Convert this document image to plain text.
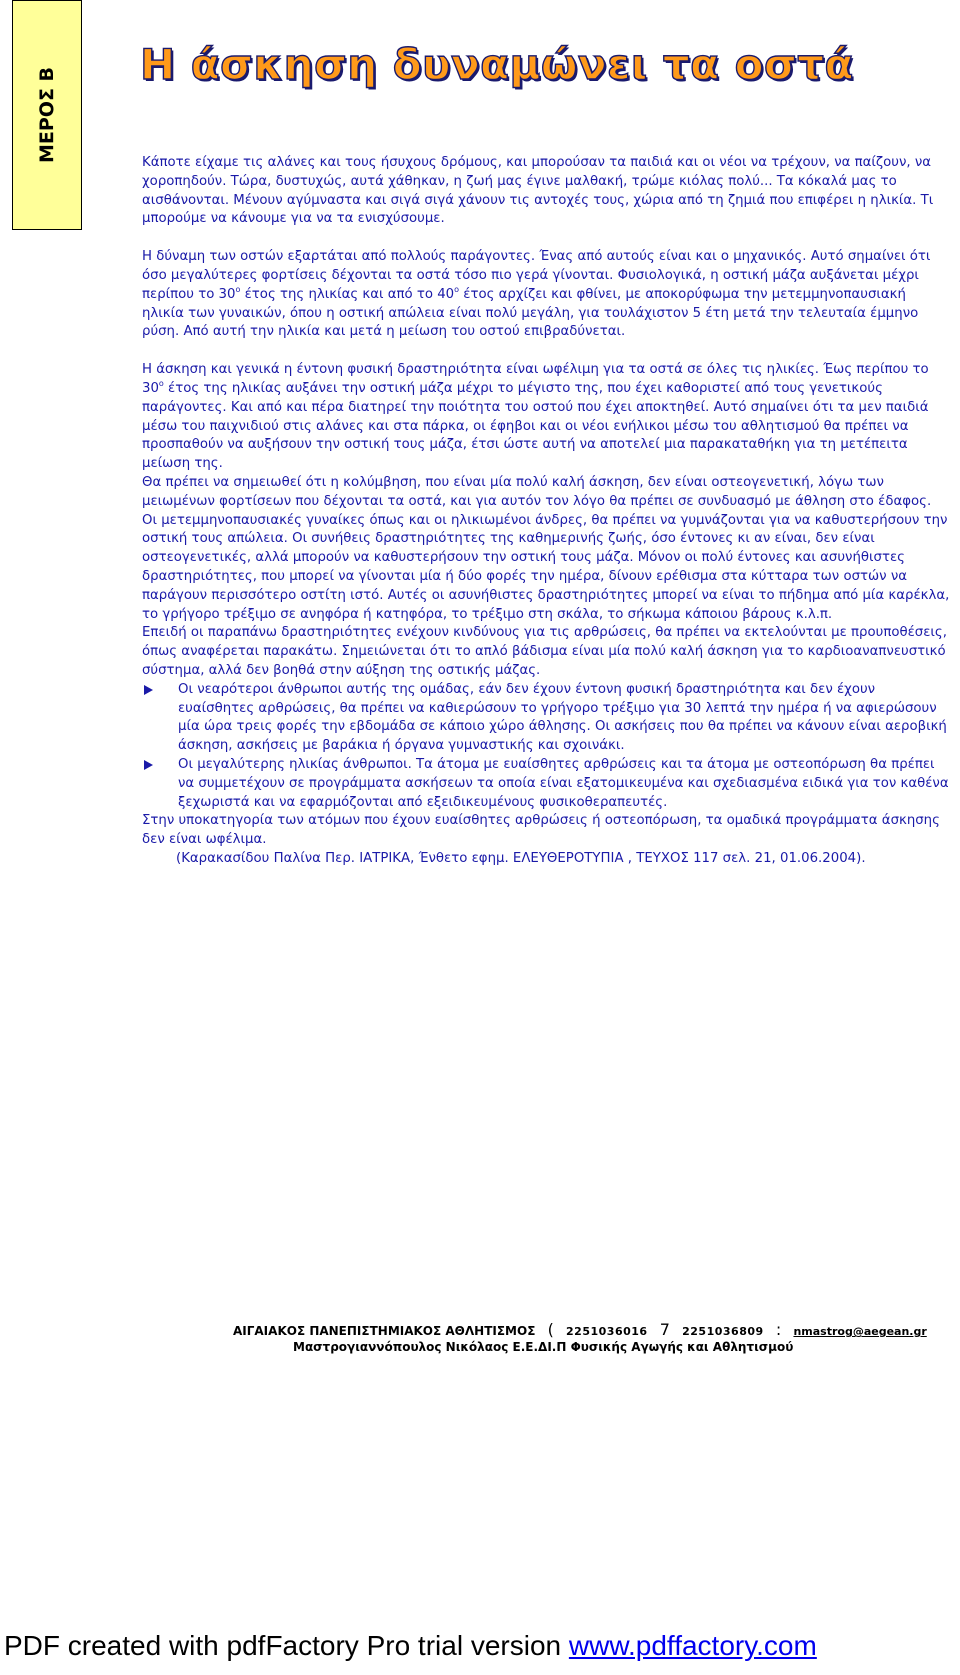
ΜΕΡΟΣ Β
Η άσκηση δυναμώνει τα οστά

Κάποτε είχαμε τις αλάνες και τους ήσυχους δρόμους, και μπορούσαν τα παιδιά και οι νέοι να τρέχουν, να παίζουν, να χοροπηδούν. Τώρα, δυστυχώς, αυτά χάθηκαν, η ζωή μας έγινε μαλθακή, τρώμε κιόλας πολύ... Τα κόκαλά μας το αισθάνονται. Μένουν αγύμναστα και σιγά σιγά χάνουν τις αντοχές τους, χώρια από τη ζημιά που επιφέρει η ηλικία. Τι μπορούμε να κάνουμε για να τα ενισχύσουμε.

Η δύναμη των οστών εξαρτάται από πολλούς παράγοντες. Ένας από αυτούς είναι και ο μηχανικός. Αυτό σημαίνει ότι όσο μεγαλύτερες φορτίσεις δέχονται τα οστά τόσο πιο γερά γίνονται. Φυσιολογικά, η οστική μάζα αυξάνεται μέχρι περίπου το $30^o$ έτος της ηλικίας και από το $40^o$ έτος αρχίζει και φθίνει, με αποκορύφωμα την μετεμμηνοπαυσιακή ηλικία των γυναικών, όπου η οστική απώλεια είναι πολύ μεγάλη, για τουλάχιστον 5 έτη μετά την τελευταία έμμηνο ρύση. Από αυτή την ηλικία και μετά η μείωση του οστού επιβραδύνεται.

Η άσκηση και γενικά η έντονη φυσική δραστηριότητα είναι ωφέλιμη για τα οστά σε όλες τις ηλικίες. Έως περίπου το $30^o$ έτος της ηλικίας αυξάνει την οστική μάζα μέχρι το μέγιστο της, που έχει καθοριστεί από τους γενετικούς παράγοντες. Και από και πέρα διατηρεί την ποιότητα του οστού που έχει αποκτηθεί. Αυτό σημαίνει ότι τα μεν παιδιά μέσω του παιχνιδιού στις αλάνες και στα πάρκα, οι έφηβοι και οι νέοι ενήλικοι μέσω του αθλητισμού θα πρέπει να προσπαθούν να αυξήσουν την οστική τους μάζα, έτσι ώστε αυτή να αποτελεί μια παρακαταθήκη για τη μετέπειτα μείωση της.

Θα πρέπει να σημειωθεί ότι η κολύμβηση, που είναι μία πολύ καλή άσκηση, δεν είναι οστεογενετική, λόγω των μειωμένων φορτίσεων που δέχονται τα οστά, και για αυτόν τον λόγο θα πρέπει σε συνδυασμό με άθληση στο έδαφος.

Οι μετεμμηνοπαυσιακές γυναίκες όπως και οι ηλικιωμένοι άνδρες, θα πρέπει να γυμνάζονται για να καθυστερήσουν την οστική τους απώλεια. Οι συνήθεις δραστηριότητες της καθημερινής ζωής, όσο έντονες κι αν είναι, δεν είναι οστεογενετικές, αλλά μπορούν να καθυστερήσουν την οστική τους μάζα. Μόνον οι πολύ έντονες και ασυνήθιστες δραστηριότητες, που μπορεί να γίνονται μία ή δύο φορές την ημέρα, δίνουν ερέθισμα στα κύτταρα των οστών να παράγουν περισσότερο οστίτη ιστό. Αυτές οι ασυνήθιστες δραστηριότητες μπορεί να είναι το πήδημα από μία καρέκλα, το γρήγορο τρέξιμο σε ανηφόρα ή κατηφόρα, το τρέξιμο στη σκάλα, το σήκωμα κάποιου βάρους κ.λ.π.

Επειδή οι παραπάνω δραστηριότητες ενέχουν κινδύνους για τις αρθρώσεις, θα πρέπει να εκτελούνται με προυποθέσεις, όπως αναφέρεται παρακάτω. Σημειώνεται ότι το απλό βάδισμα είναι μία πολύ καλή άσκηση για το καρδιοαναπνευστικό σύστημα, αλλά δεν βοηθά στην αύξηση της οστικής μάζας.

Οι νεαρότεροι άνθρωποι αυτής της ομάδας, εάν δεν έχουν έντονη φυσική δραστηριότητα και δεν έχουν ευαίσθητες αρθρώσεις, θα πρέπει να καθιερώσουν το γρήγορο τρέξιμο για 30 λεπτά την ημέρα ή να αφιερώσουν μία ώρα τρεις φορές την εβδομάδα σε κάποιο χώρο άθλησης. Οι ασκήσεις που θα πρέπει να κάνουν είναι αεροβική άσκηση, ασκήσεις με βαράκια ή όργανα γυμναστικής και σχοινάκι.
Οι μεγαλύτερης ηλικίας άνθρωποι. Τα άτομα με ευαίσθητες αρθρώσεις και τα άτομα με οστεοπόρωση θα πρέπει να συμμετέχουν σε προγράμματα ασκήσεων τα οποία είναι εξατομικευμένα και σχεδιασμένα ειδικά για τον καθένα ξεχωριστά και να εφαρμόζονται από εξειδικευμένους φυσικοθεραπευτές.

Στην υποκατηγορία των ατόμων που έχουν ευαίσθητες αρθρώσεις ή οστεοπόρωση, τα ομαδικά προγράμματα άσκησης δεν είναι ωφέλιμα.

(Καρακασίδου Παλίνα Περ. ΙΑΤΡΙΚΑ, Ένθετο εφημ. ΕΛΕΥΘΕΡΟΤΥΠΙΑ , ΤΕΥΧΟΣ 117 σελ. 21, 01.06.2004).

ΑΙΓΑΙΑΚΟΣ ΠΑΝΕΠΙΣΤΗΜΙΑΚΟΣ ΑΘΛΗΤΙΣΜΟΣ ( 2251036016 7 2251036809 : nmastrog@aegean.gr
Μαστρογιαννόπουλος Νικόλαος Ε.Ε.ΔΙ.Π Φυσικής Αγωγής και Αθλητισμού
PDF created with pdfFactory Pro trial version www.pdffactory.com
